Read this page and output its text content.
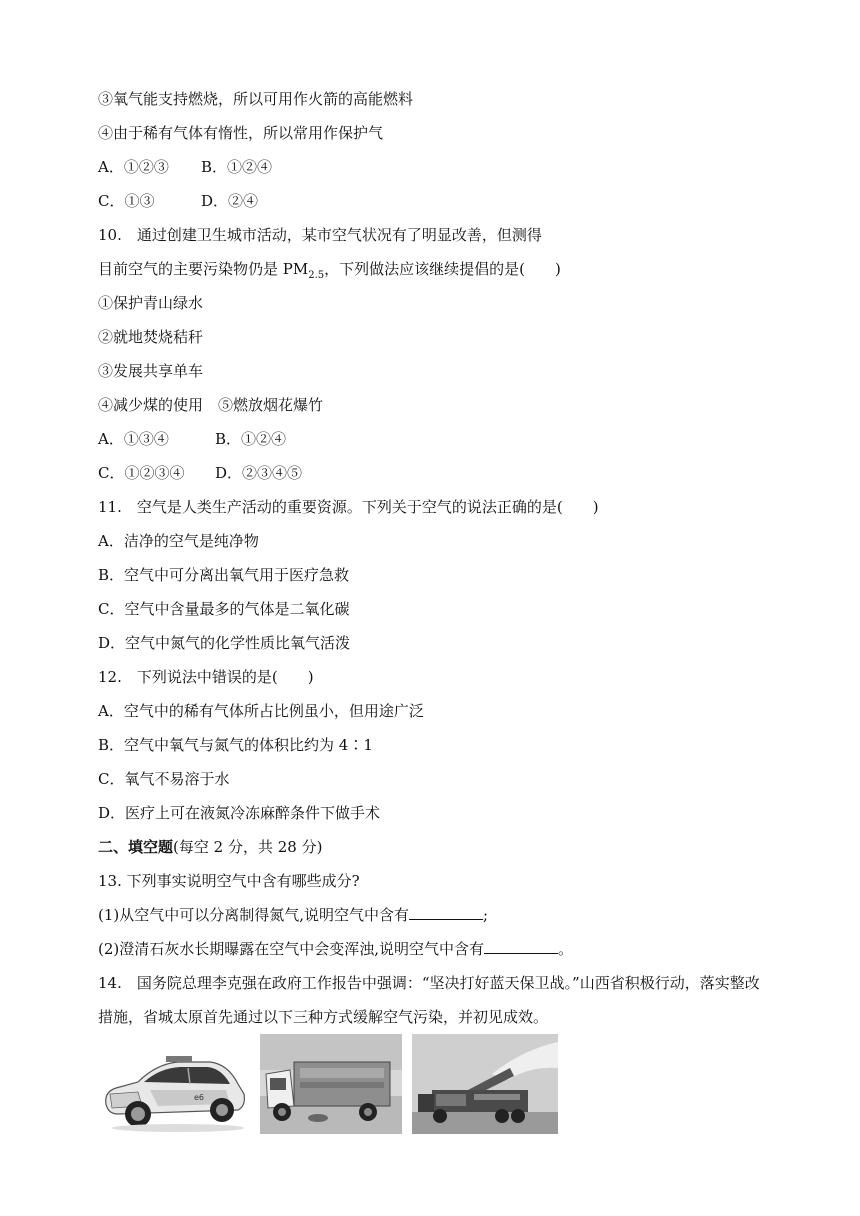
③氧气能支持燃烧，所以可用作火箭的高能燃料
④由于稀有气体有惰性，所以常用作保护气
A．①②③ B．①②④
C．①③	D．②④
10.　通过创建卫生城市活动，某市空气状况有了明显改善，但测得
目前空气的主要污染物仍是 $PM_{2.5}$，下列做法应该继续提倡的是(　　)
①保护青山绿水
②就地焚烧秸秆
③发展共享单车
④减少煤的使用　⑤燃放烟花爆竹
A．①③④	B．①②④
C．①②③④ D．②③④⑤
11.　空气是人类生产活动的重要资源。下列关于空气的说法正确的是(　　)
A．洁净的空气是纯净物
B．空气中可分离出氧气用于医疗急救
C．空气中含量最多的气体是二氧化碳
D．空气中氮气的化学性质比氧气活泼
12.　下列说法中错误的是(　　)
A．空气中的稀有气体所占比例虽小，但用途广泛
B．空气中氧气与氮气的体积比约为 4∶1
C．氧气不易溶于水
D．医疗上可在液氮冷冻麻醉条件下做手术
二、填空题(每空 2 分，共 28 分)
13. 下列事实说明空气中含有哪些成分?
(1)从空气中可以分离制得氮气,说明空气中含有	;
(2)澄清石灰水长期曝露在空气中会变浑浊,说明空气中含有	。
14.　国务院总理李克强在政府工作报告中强调：“坚决打好蓝天保卫战。”山西省积极行动，落实整改
措施，省城太原首先通过以下三种方式缓解空气污染，并初见成效。
e6
